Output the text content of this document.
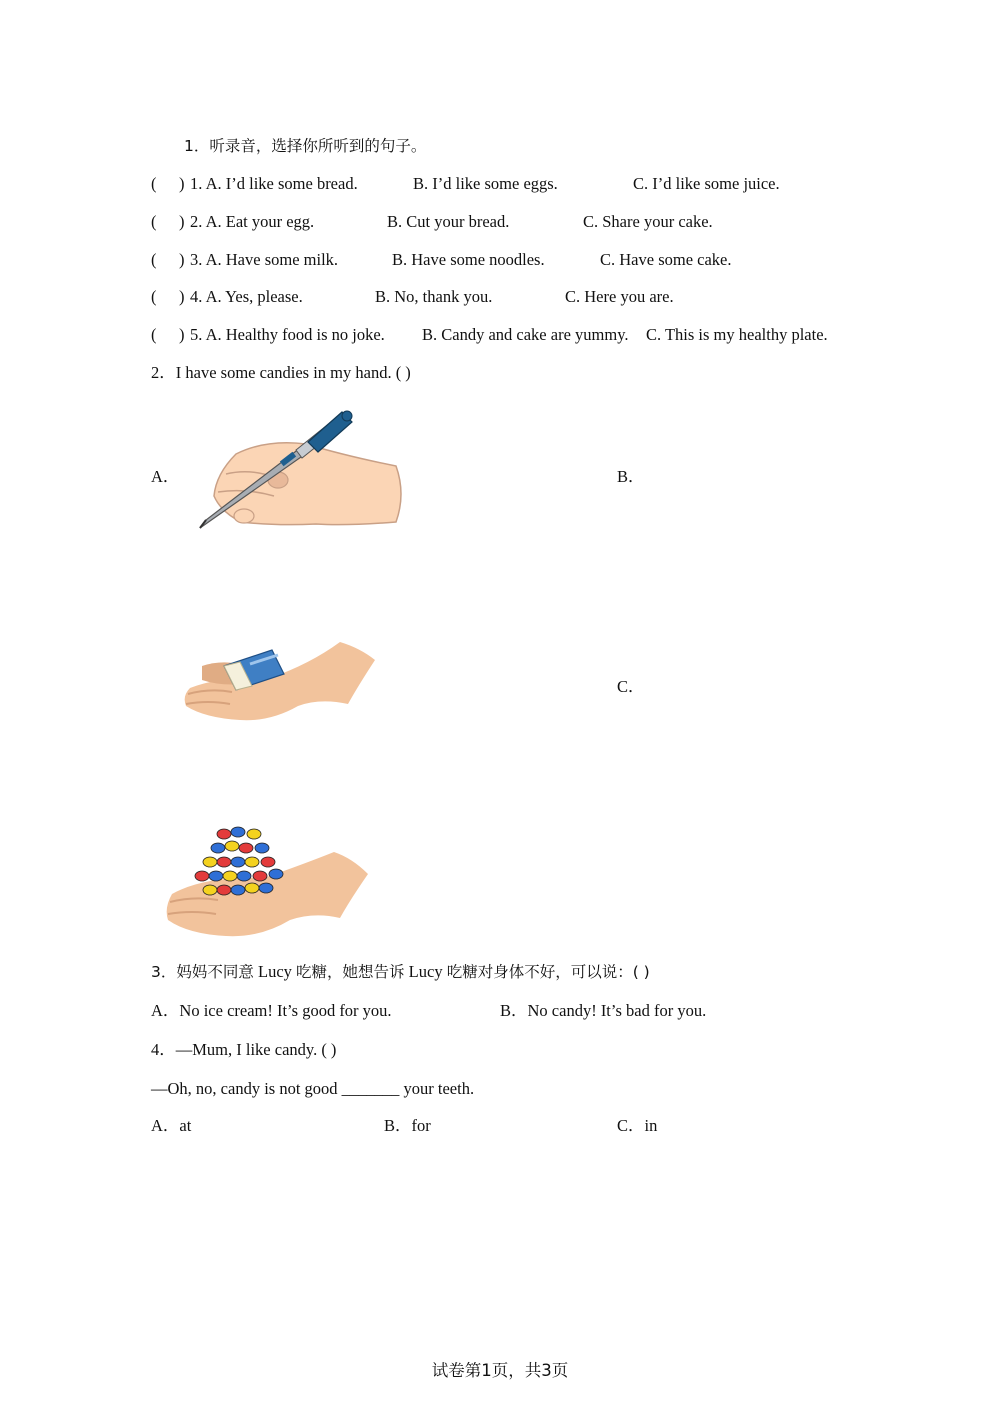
1．听录音，选择你所听到的句子。
( ) 1. A. I’d like some bread.	B. I’d like some eggs.	C. I’d like some juice.
( ) 2. A. Eat your egg.	B. Cut your bread.	C. Share your cake.
( ) 3. A. Have some milk.	B. Have some noodles.	C. Have some cake.
( ) 4. A. Yes, please.	B. No, thank you.	C. Here you are.
( ) 5. A. Healthy food is no joke. B. Candy and cake are yummy. C. This is my healthy plate.
2．I have some candies in my hand. ( )
A．	B．
C．
3．妈妈不同意 Lucy 吃糖，她想告诉 Lucy 吃糖对身体不好，可以说：( )
A．No ice cream! It’s good for you.	B．No candy! It’s bad for you.
4．—Mum, I like candy. ( )
—Oh, no, candy is not good _______ your teeth.
A．at	B．for	C．in
试卷第1页，共3页
